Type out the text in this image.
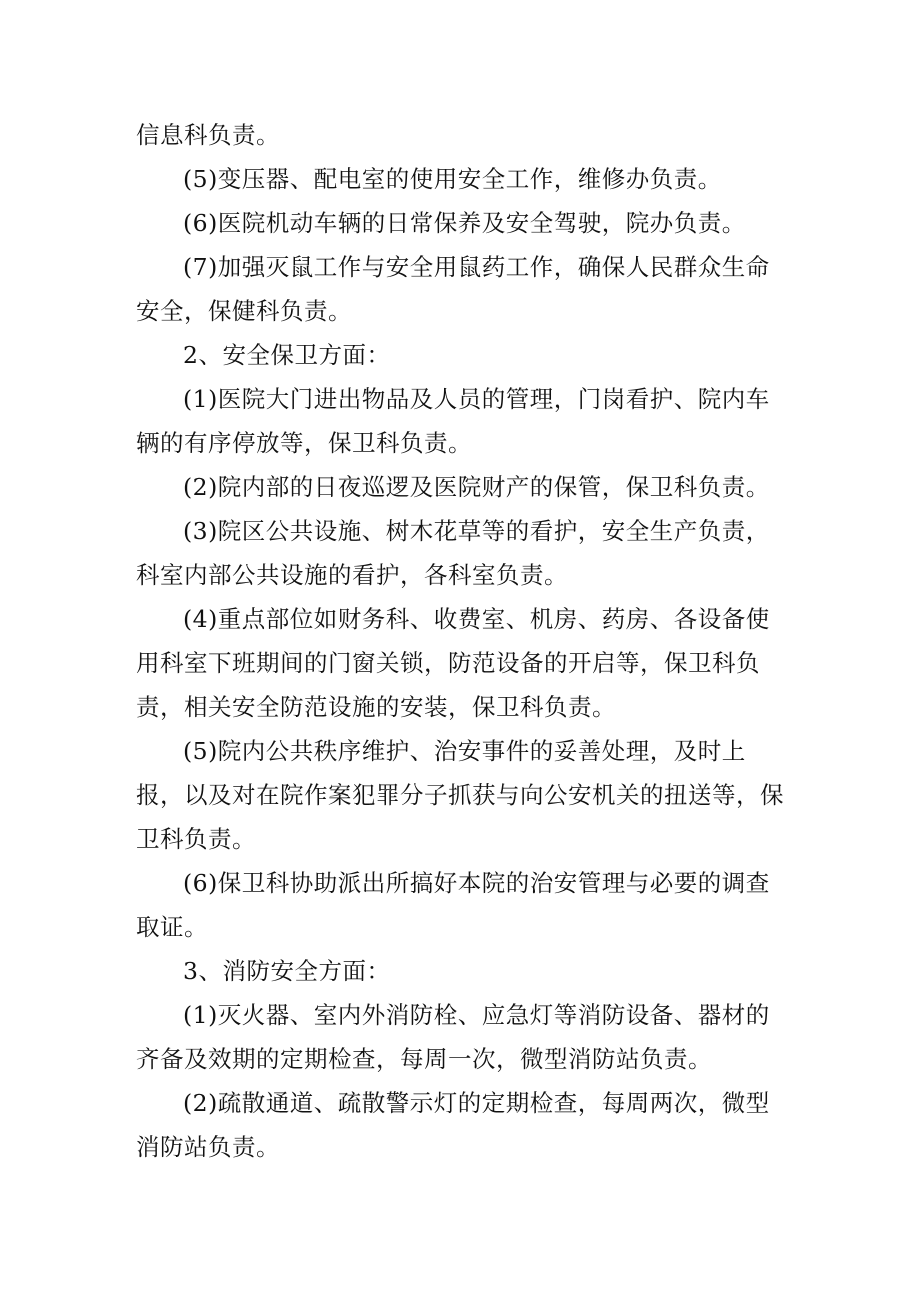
信息科负责。

(5)变压器、配电室的使用安全工作，维修办负责。

(6)医院机动车辆的日常保养及安全驾驶，院办负责。

(7)加强灭鼠工作与安全用鼠药工作，确保人民群众生命安全，保健科负责。

2、安全保卫方面：

(1)医院大门进出物品及人员的管理，门岗看护、院内车辆的有序停放等，保卫科负责。

(2)院内部的日夜巡逻及医院财产的保管，保卫科负责。

(3)院区公共设施、树木花草等的看护，安全生产负责，科室内部公共设施的看护，各科室负责。

(4)重点部位如财务科、收费室、机房、药房、各设备使用科室下班期间的门窗关锁，防范设备的开启等，保卫科负责，相关安全防范设施的安装，保卫科负责。

(5)院内公共秩序维护、治安事件的妥善处理，及时上报，以及对在院作案犯罪分子抓获与向公安机关的扭送等，保卫科负责。

(6)保卫科协助派出所搞好本院的治安管理与必要的调查取证。

3、消防安全方面：

(1)灭火器、室内外消防栓、应急灯等消防设备、器材的齐备及效期的定期检查，每周一次，微型消防站负责。

(2)疏散通道、疏散警示灯的定期检查，每周两次，微型消防站负责。
